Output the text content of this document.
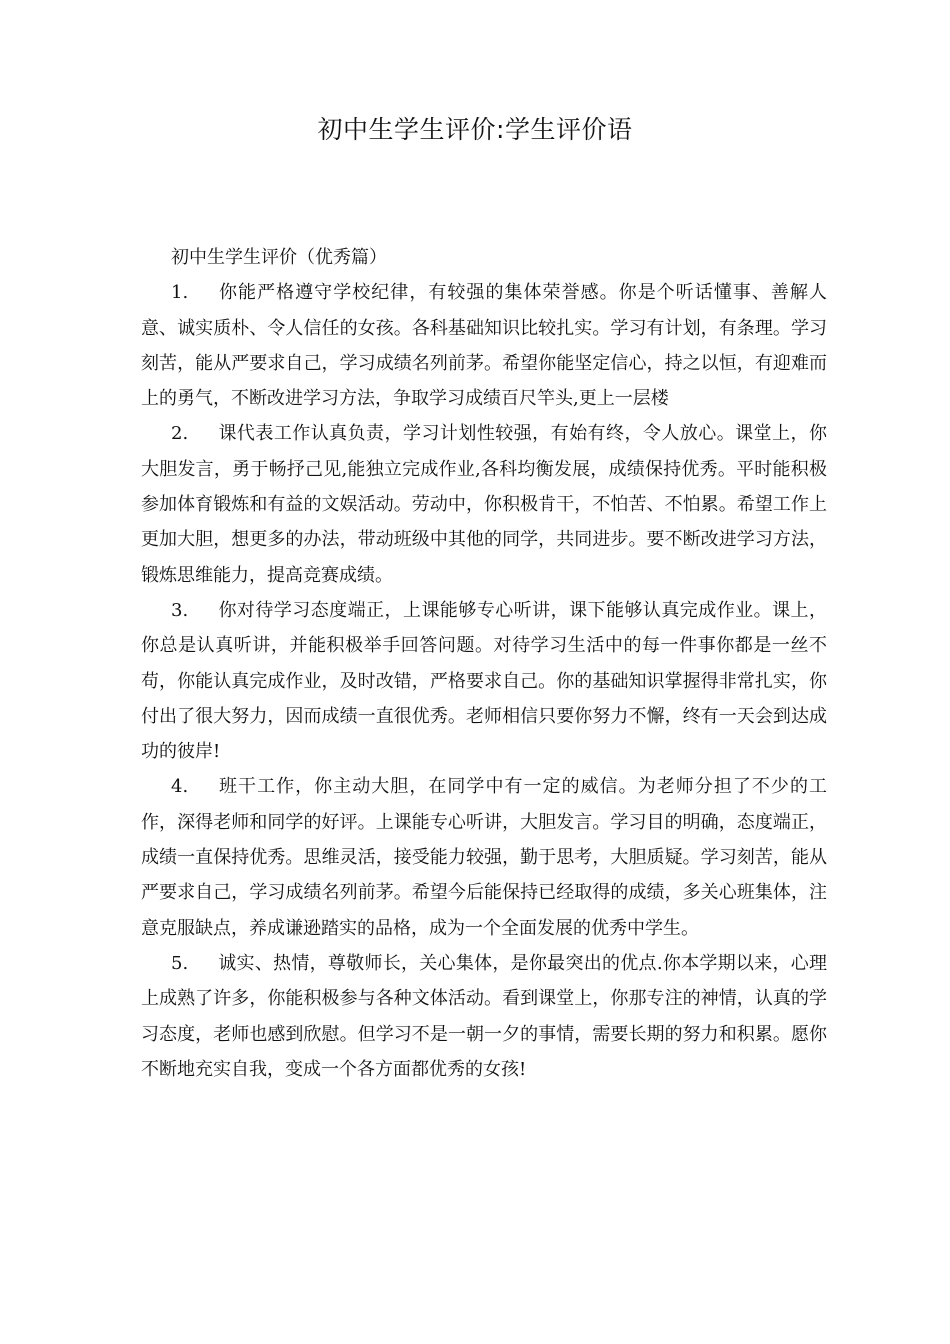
初中生学生评价:学生评价语

初中生学生评价（优秀篇）

1. 你能严格遵守学校纪律，有较强的集体荣誉感。你是个听话懂事、善解人意、诚实质朴、令人信任的女孩。各科基础知识比较扎实。学习有计划，有条理。学习刻苦，能从严要求自己，学习成绩名列前茅。希望你能坚定信心，持之以恒，有迎难而上的勇气，不断改进学习方法，争取学习成绩百尺竿头,更上一层楼

2. 课代表工作认真负责，学习计划性较强，有始有终，令人放心。课堂上，你大胆发言，勇于畅抒己见,能独立完成作业,各科均衡发展，成绩保持优秀。平时能积极参加体育锻炼和有益的文娱活动。劳动中，你积极肯干，不怕苦、不怕累。希望工作上更加大胆，想更多的办法，带动班级中其他的同学，共同进步。要不断改进学习方法，锻炼思维能力，提高竞赛成绩。

3. 你对待学习态度端正，上课能够专心听讲，课下能够认真完成作业。课上，你总是认真听讲，并能积极举手回答问题。对待学习生活中的每一件事你都是一丝不苟，你能认真完成作业，及时改错，严格要求自己。你的基础知识掌握得非常扎实，你付出了很大努力，因而成绩一直很优秀。老师相信只要你努力不懈，终有一天会到达成功的彼岸!

4. 班干工作，你主动大胆，在同学中有一定的威信。为老师分担了不少的工作，深得老师和同学的好评。上课能专心听讲，大胆发言。学习目的明确，态度端正，成绩一直保持优秀。思维灵活，接受能力较强，勤于思考，大胆质疑。学习刻苦，能从严要求自己，学习成绩名列前茅。希望今后能保持已经取得的成绩，多关心班集体，注意克服缺点，养成谦逊踏实的品格，成为一个全面发展的优秀中学生。

5. 诚实、热情，尊敬师长，关心集体，是你最突出的优点.你本学期以来，心理上成熟了许多，你能积极参与各种文体活动。看到课堂上，你那专注的神情，认真的学习态度，老师也感到欣慰。但学习不是一朝一夕的事情，需要长期的努力和积累。愿你不断地充实自我，变成一个各方面都优秀的女孩!
